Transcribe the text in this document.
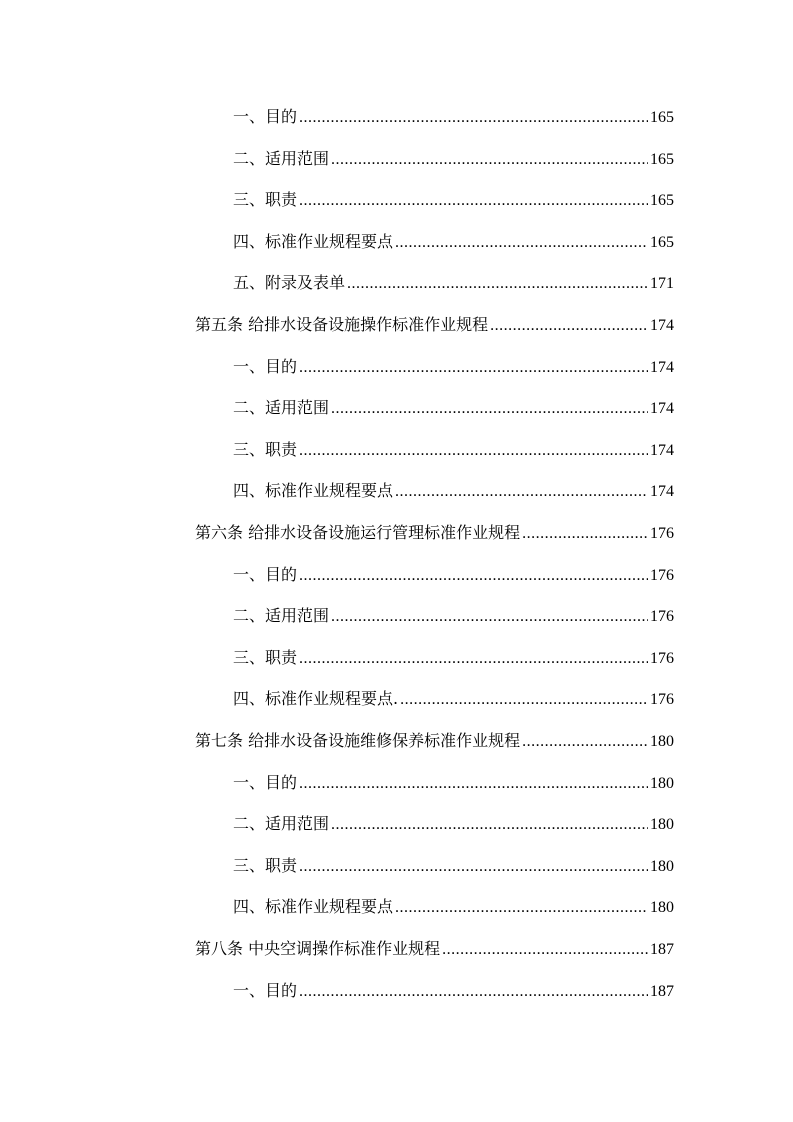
一、目的 .....	165
二、适用范围 .....	165
三、职责 .....	165
四、标准作业规程要点 .....	165
五、附录及表单 .....	171
第五条 给排水设备设施操作标准作业规程 .....	174
一、目的 .....	174
二、适用范围 .....	174
三、职责 .....	174
四、标准作业规程要点 .....	174
第六条 给排水设备设施运行管理标准作业规程 .....	176
一、目的 .....	176
二、适用范围 .....	176
三、职责 .....	176
四、标准作业规程要点. .....	176
第七条 给排水设备设施维修保养标准作业规程 .....	180
一、目的 .....	180
二、适用范围 .....	180
三、职责 .....	180
四、标准作业规程要点 .....	180
第八条 中央空调操作标准作业规程 .....	187
一、目的 .....	187
